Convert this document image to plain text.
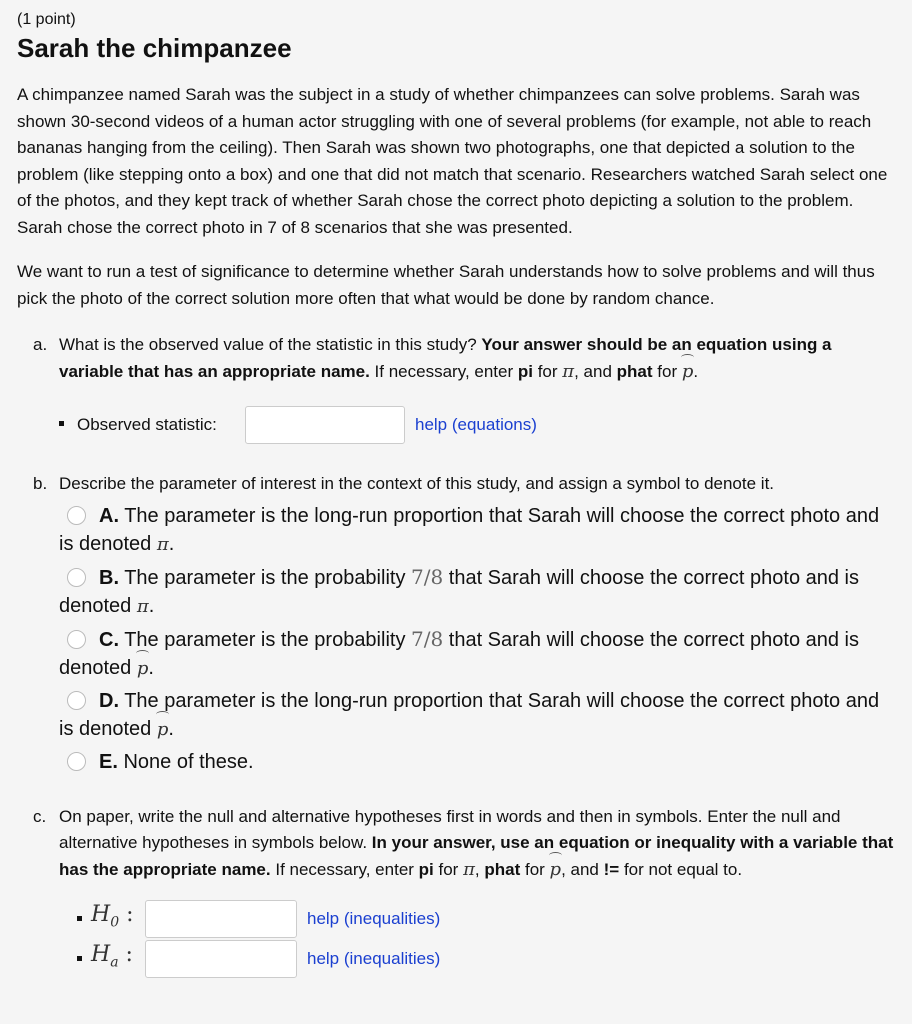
(1 point)
Sarah the chimpanzee

A chimpanzee named Sarah was the subject in a study of whether chimpanzees can solve problems. Sarah was shown 30-second videos of a human actor struggling with one of several problems (for example, not able to reach bananas hanging from the ceiling). Then Sarah was shown two photographs, one that depicted a solution to the problem (like stepping onto a box) and one that did not match that scenario. Researchers watched Sarah select one of the photos, and they kept track of whether Sarah chose the correct photo depicting a solution to the problem. Sarah chose the correct photo in 7 of 8 scenarios that she was presented.

We want to run a test of significance to determine whether Sarah understands how to solve problems and will thus pick the photo of the correct solution more often that what would be done by random chance.

a. What is the observed value of the statistic in this study? Your answer should be an equation using a variable that has an appropriate name. If necessary, enter pi for π, and phat for p.
Observed statistic:	help (equations)
b. Describe the parameter of interest in the context of this study, and assign a symbol to denote it.
A. The parameter is the long-run proportion that Sarah will choose the correct photo and is denoted π.
B. The parameter is the probability 7/8 that Sarah will choose the correct photo and is denoted π.
C. The parameter is the probability 7/8 that Sarah will choose the correct photo and is denoted p.
D. The parameter is the long-run proportion that Sarah will choose the correct photo and is denoted p.
E. None of these.
c. On paper, write the null and alternative hypotheses first in words and then in symbols. Enter the null and alternative hypotheses in symbols below. In your answer, use an equation or inequality with a variable that has the appropriate name. If necessary, enter pi for π, phat for p, and != for not equal to.
$H_0$ :	help (inequalities)
$H_a$ :	help (inequalities)
